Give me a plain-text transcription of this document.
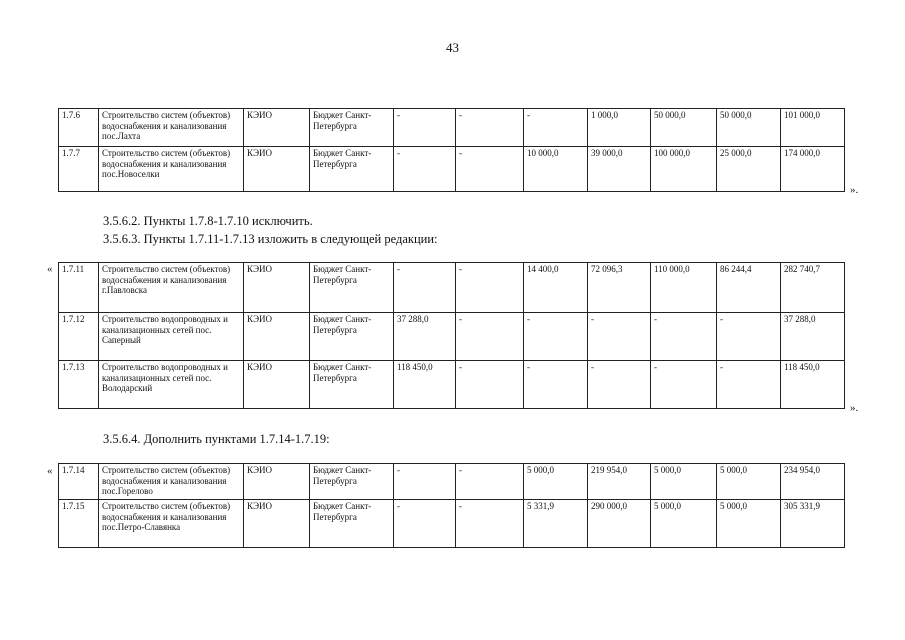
43
1.7.6	Строительство систем (объектов) водоснабжения и канализования пос.Лахта	КЭИО	Бюджет Санкт-Петербурга	-	-	-	1 000,0	50 000,0	50 000,0	101 000,0
1.7.7	Строительство систем (объектов) водоснабжения и канализования пос.Новоселки	КЭИО	Бюджет Санкт-Петербурга	-	-	10 000,0	39 000,0	100 000,0	25 000,0	174 000,0
».
3.5.6.2. Пункты 1.7.8-1.7.10 исключить.
3.5.6.3. Пункты 1.7.11-1.7.13 изложить в следующей редакции:
« 1.7.11	Строительство систем (объектов) водоснабжения и канализования г.Павловска	КЭИО	Бюджет Санкт-Петербурга	-	-	14 400,0	72 096,3	110 000,0	86 244,4	282 740,7
1.7.12	Строительство водопроводных и канализационных сетей пос. Саперный	КЭИО	Бюджет Санкт-Петербурга	37 288,0	-	-	-	-	-	37 288,0
1.7.13	Строительство водопроводных и канализационных сетей пос. Володарский	КЭИО	Бюджет Санкт-Петербурга	118 450,0	-	-	-	-	-	118 450,0
».
3.5.6.4. Дополнить пунктами 1.7.14-1.7.19:
« 1.7.14	Строительство систем (объектов) водоснабжения и канализования пос.Горелово	КЭИО	Бюджет Санкт-Петербурга	-	-	5 000,0	219 954,0	5 000,0	5 000,0	234 954,0
1.7.15	Строительство систем (объектов) водоснабжения и канализования пос.Петро-Славянка	КЭИО	Бюджет Санкт-Петербурга	-	-	5 331,9	290 000,0	5 000,0	5 000,0	305 331,9
